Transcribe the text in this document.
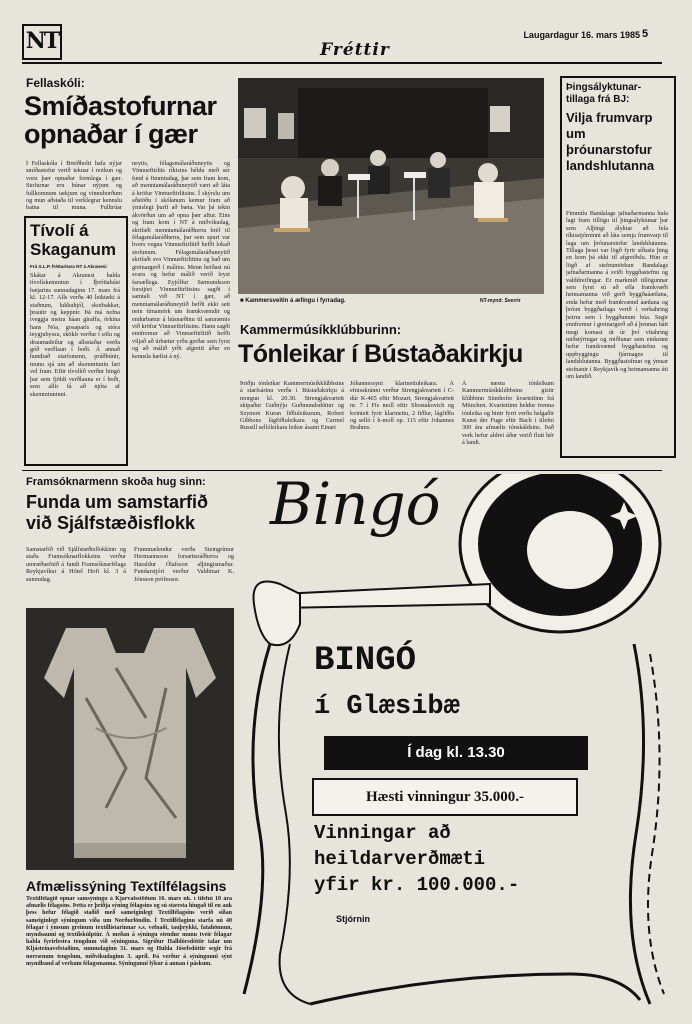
NT	Fréttir
Laugardagur 16. mars 1985 5
Fellaskóli:
Smíðastofurnar
opnaðar í gær
Í Fellaskóla í Breiðholti hafa nýjar smíðastofur verið teknar í notkun og voru þær opnaðar formlega í gær. Stofurnar eru búnar nýjum og fullkomnum tækjum og vinnuborðum og mun aðstaða til verklegrar kennslu batna til muna. Fulltrúar
neytis, félagsmálaráðuneytis og Vinnueftirlits ríkisins héldu með sér fund á fimmtudag, þar sem fram kom, að menntamálaráðuneytið væri að láta á kröfur Vinnueftirlitsins. Í skýrslu um aðstöðu í skólanum kemur fram að ýmislegt þurfi að bæta. Var þá tekin ákvörðun um að opna þær aftur. Eins og fram kom í NT á miðvikudag, skrifaði menntamálaráðherra bréf til félagsmálaráðherra, þar sem spurt var hvers vegna Vinnueftirlitið hefði lokað stofunum. Félagsmálaráðuneytið skrifaði svo Vinnueftirlitinu og bað um greinargerð í málinu. Menn beiðast nú svara og hefur málið verið leyst farsællega. Eyjólfur Sæmundsson forstjóri Vinnueftirlitsins sagði í samtali við NT í gær, að menntamálaráðuneytið hefði ekki sett nein tímamörk um framkvæmdir og endurbætur á húsnæðinu til samræmis við kröfur Vinnueftirlitsins. Hann sagði ennfremur að Vinnueftirlitið hefði viljað að úrbætur yrðu gerðar sem fyrst og að málið yrði afgreitt áður en kennsla hæfist á ný.
Tívolí á
Skaganum
Frá S.L.P. fréttaritara NT á Akranesi
Skátar á Akranesi halda tívolískemmtun í Íþróttahúsi bæjarins sunnudaginn 17. mars frá kl. 12-17. Alls verða 40 leiktæki á staðnum, lukkuhjól, skotbakkar, þrautir og keppnir. Þá má nefna tveggja metra háan gíraffa, örkina hans Nóa, gosaparís og stóra teygjubyssu, sköklr verður í sölu og draumadeilur og allsstaðar verða góð verðlaun í boði. Á annað hundrað starfsmenn, prúðbúnir, munu sjá um að skemmtunin fari vel fram. Eftir tívolíið verður bingó þar sem fjöldi verðlauna er í boði, sem allir fá að njóta af skemmtuninni.
■ Kammersveitin á æfingu í fyrradag.	NT-mynd: Sverrir
Kammermúsíkklúbburinn:
Tónleikar í Bústaðakirkju
Þriðju tónleikar Kammermúsíkklúbbsins á starfsárinu verða í Bústaðakirkju á morgun kl. 20.30. Strengjakvartett skipaður Guðnýju Guðmundsdóttur og Szymon Kuran fiðluleikurum, Robert Gibbons lágfiðluleikara og Carmel Russill sellóleikara leikur ásamt Einari
Jóhannessyni klarinettuleikara. Á efnisskránni verður Strengjakvartett í C-dúr K-465 eftir Mozart, Strengjakvartett nr. 7 í Fís moll eftir Shostakovich og kvintett fyrir klarinettu, 2 fiðlur, lágfiðlu og selló í h-moll op. 115 eftir Johannes Brahms.
Á næstu tónleikum Kammermúsíkklúbbsins gistir klúbbinn Sinnhofer kvartettinn frá München. Kvartettinn heldur tvenna tónleika og hinir fyrri verða helgaðir Kunst der Fuge eftir Bach í tilefni 300 ára afmælis tónskáldsins. Það verk hefur aldrei áður verið flutt hér á landi.
Þingsályktunar-
tillaga frá BJ:
Vilja frumvarp um þróunarstofur landshlutanna
Fimmtíu Bandalags jafnaðarmanna hafa lagt fram tillögu til þingsályktunar þar sem Alþingi ályktar að fela ríkisstjórninni að láta semja frumvarp til laga um þróunarstofur landshlutanna. Tillaga þessi var lögð fyrir síðasta þing en kom þá ekki til afgreiðslu. Hún er lögð af stefnumörkun Bandalags jafnaðarmanna á sviði byggðastefnu og valddreifingar. Er markmið tillögunnar sem fyrst sú að efla framkvæði heimamanna við gerð byggðaáætlana, enda hefur með framkvæmd áætlana og þróun byggðarlaga verið í verkahring þeirra sem í byggðunum búa. Segir ennfremur í greinargerð að á þennan hátt megi komast út úr því vítahring miðstýringar og miðlunar sem einkennt hefur framkvæmd byggðastefnu og uppbyggingu fjármagns til landshlutanna. Byggðastofnun og ýmsar stofnanir í Reykjavík og heimamanna úti um landið.
Framsóknarmenn skoða hug sinn:
Funda um samstarfið
við Sjálfstæðisflokk
Samstarfið við Sjálfstæðisflokkinn og staða Framsóknarflokksins verður umræðuefnið á fundi Framsóknarfélags Reykjavíkur á Hótel Hofi kl. 3 á sunnudag.
Frummælendur verða Steingrímur Hermannsson forsætisráðherra og Haraldur Ólafsson alþingismaður. Fundarstjóri verður Valdimar K. Jónsson prófessor.
Afmælissýning Textílfélagsins
Textílfélagið opnar samsýningu á Kjarvalsstöðum 16. mars nk. í tilefni 10 ára afmælis félagsins. Þetta er þriðja sýning félagsins og sú stærsta hingað til en auk þess hefur félagið staðið með sameiginlegt Textílfélagsins verið síðan sameiginlegt sýningum víða um Norðurlöndin. Í Textílfélaginu starfa nú 40 félagar í ýmsum greinum textíllistarinnar s.s. vefnaði, tauþrykki, fatahönnun, myndsaumi og textílskúlptúr. Á meðan á sýningu stendur munu tveir félagar halda fyrirlestra tengdum við sýninguna. Sigríður Halldórsdóttir talar um Kljásteinavefstaðinn, sunnudaginn 31. mars og Hulda Jósefsdóttir segir frá norrænum tengslum, miðvikudaginn 3. apríl. Þá verður á sýningunni sýnt myndband af verkum félagsmanna. Sýningunni lýkur á annan í páskum.
Bingó
BINGÓ
í Glæsibæ
Í dag kl. 13.30
Hæsti vinningur 35.000.-
Vinningar að
heildarverðmæti
yfir kr. 100.000.-
Stjórnin
